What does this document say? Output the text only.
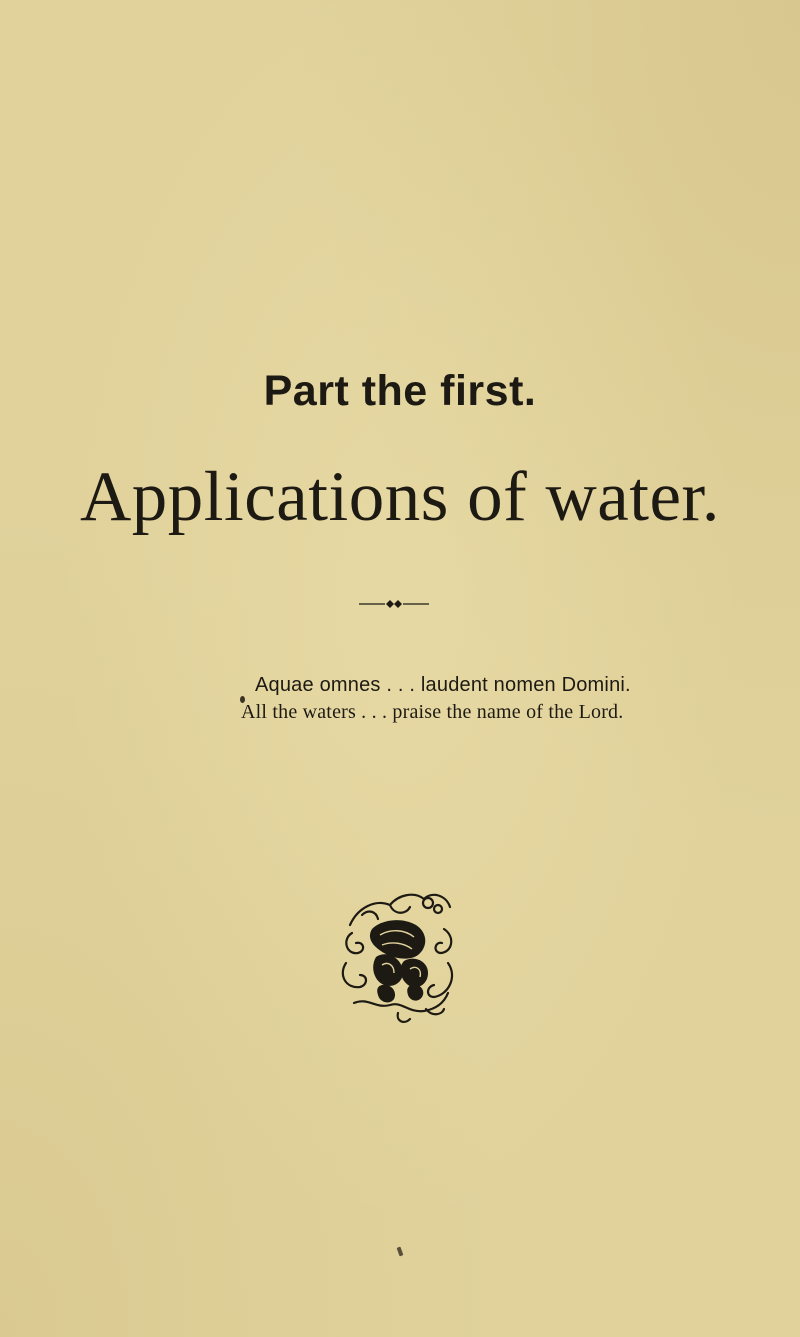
Part the first.
Applications of water.
Aquae omnes . . . laudent nomen Domini.
All the waters . . . praise the name of the Lord.
